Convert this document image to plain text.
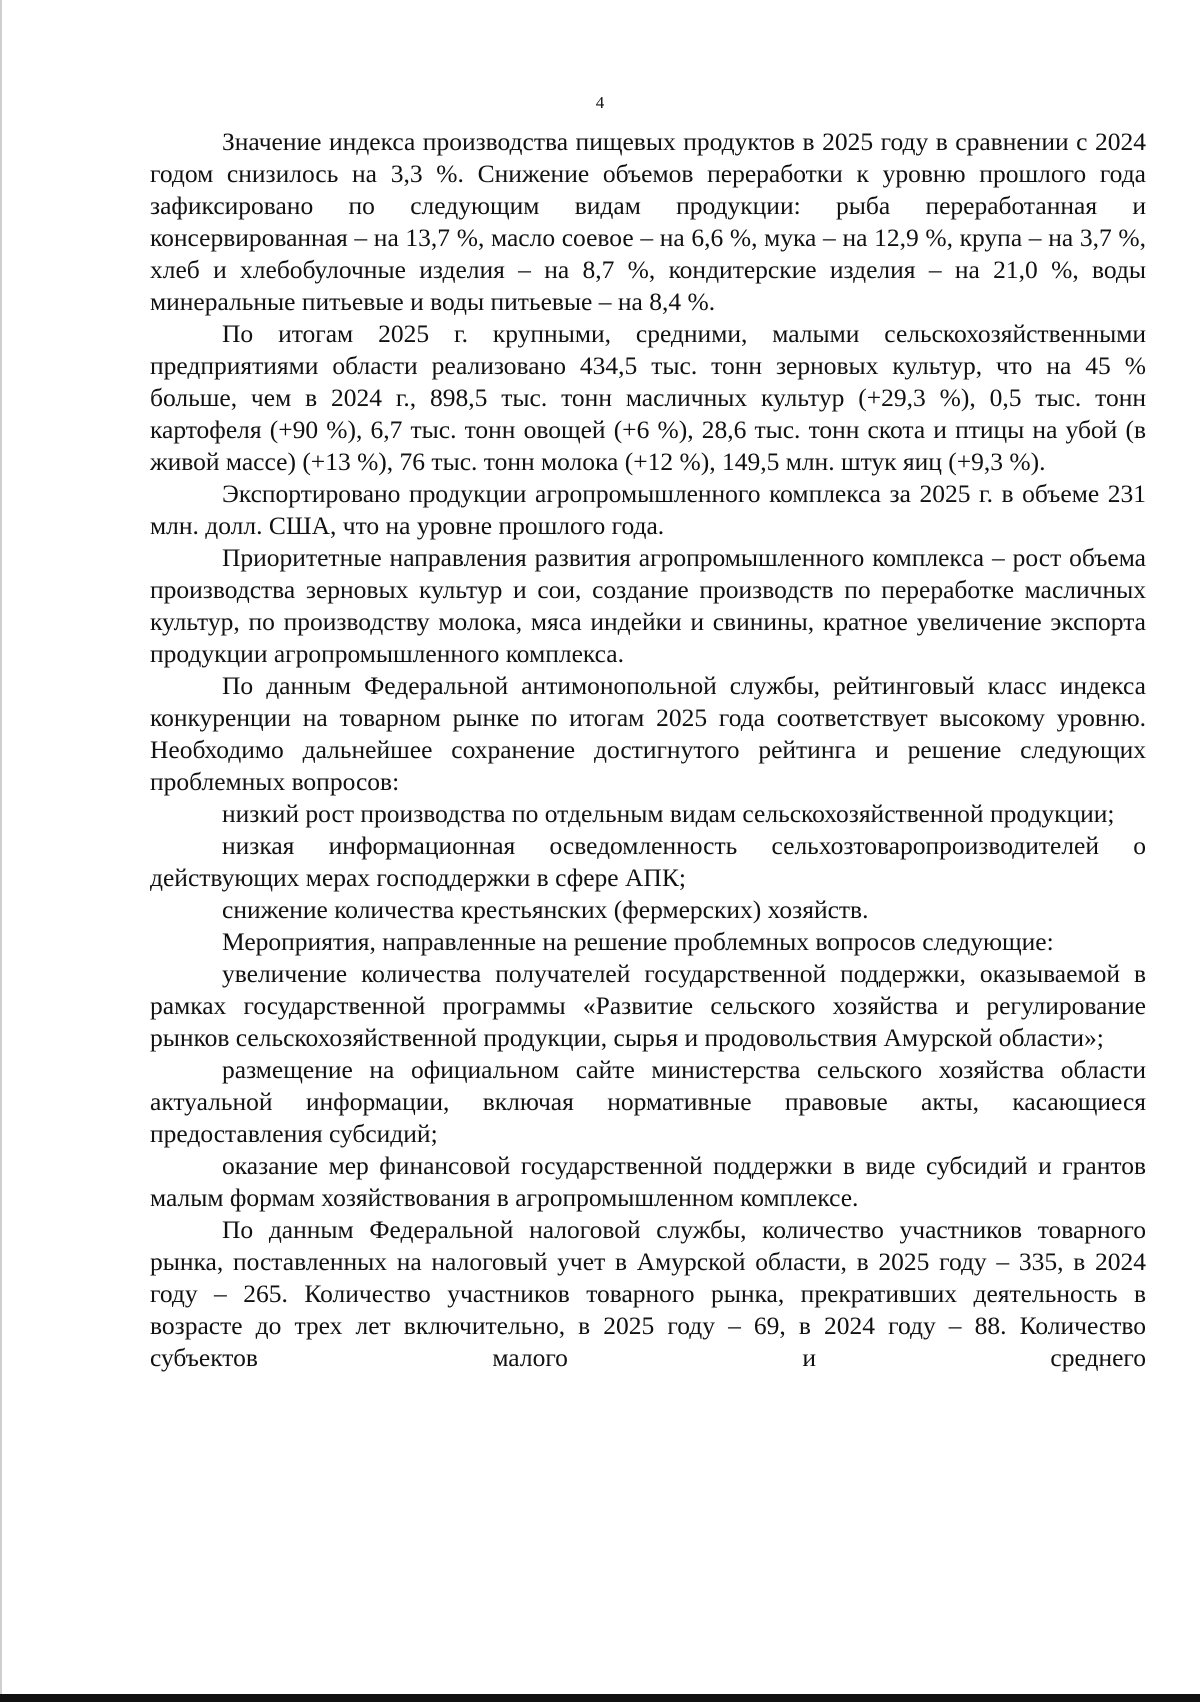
4

Значение индекса производства пищевых продуктов в 2025 году в сравнении с 2024 годом снизилось на 3,3 %. Снижение объемов переработки к уровню прошлого года зафиксировано по следующим видам продукции: рыба переработанная и консервированная – на 13,7 %, масло соевое – на 6,6 %, мука – на 12,9 %, крупа – на 3,7 %, хлеб и хлебобулочные изделия – на 8,7 %, кондитерские изделия – на 21,0 %, воды минеральные питьевые и воды питьевые – на 8,4 %.

По итогам 2025 г. крупными, средними, малыми сельскохозяйственными предприятиями области реализовано 434,5 тыс. тонн зерновых культур, что на 45 % больше, чем в 2024 г., 898,5 тыс. тонн масличных культур (+29,3 %), 0,5 тыс. тонн картофеля (+90 %), 6,7 тыс. тонн овощей (+6 %), 28,6 тыс. тонн скота и птицы на убой (в живой массе) (+13 %), 76 тыс. тонн молока (+12 %), 149,5 млн. штук яиц (+9,3 %).

Экспортировано продукции агропромышленного комплекса за 2025 г. в объеме 231 млн. долл. США, что на уровне прошлого года.

Приоритетные направления развития агропромышленного комплекса – рост объема производства зерновых культур и сои, создание производств по переработке масличных культур, по производству молока, мяса индейки и свинины, кратное увеличение экспорта продукции агропромышленного комплекса.

По данным Федеральной антимонопольной службы, рейтинговый класс индекса конкуренции на товарном рынке по итогам 2025 года соответствует высокому уровню. Необходимо дальнейшее сохранение достигнутого рейтинга и решение следующих проблемных вопросов:

низкий рост производства по отдельным видам сельскохозяйственной продукции;

низкая информационная осведомленность сельхозтоваропроизводителей о действующих мерах господдержки в сфере АПК;

снижение количества крестьянских (фермерских) хозяйств.

Мероприятия, направленные на решение проблемных вопросов следующие:

увеличение количества получателей государственной поддержки, оказываемой в рамках государственной программы «Развитие сельского хозяйства и регулирование рынков сельскохозяйственной продукции, сырья и продовольствия Амурской области»;

размещение на официальном сайте министерства сельского хозяйства области актуальной информации, включая нормативные правовые акты, касающиеся предоставления субсидий;

оказание мер финансовой государственной поддержки в виде субсидий и грантов малым формам хозяйствования в агропромышленном комплексе.

По данным Федеральной налоговой службы, количество участников товарного рынка, поставленных на налоговый учет в Амурской области, в 2025 году – 335, в 2024 году – 265. Количество участников товарного рынка, прекративших деятельность в возрасте до трех лет включительно, в 2025 году – 69, в 2024 году – 88. Количество субъектов малого и среднего
